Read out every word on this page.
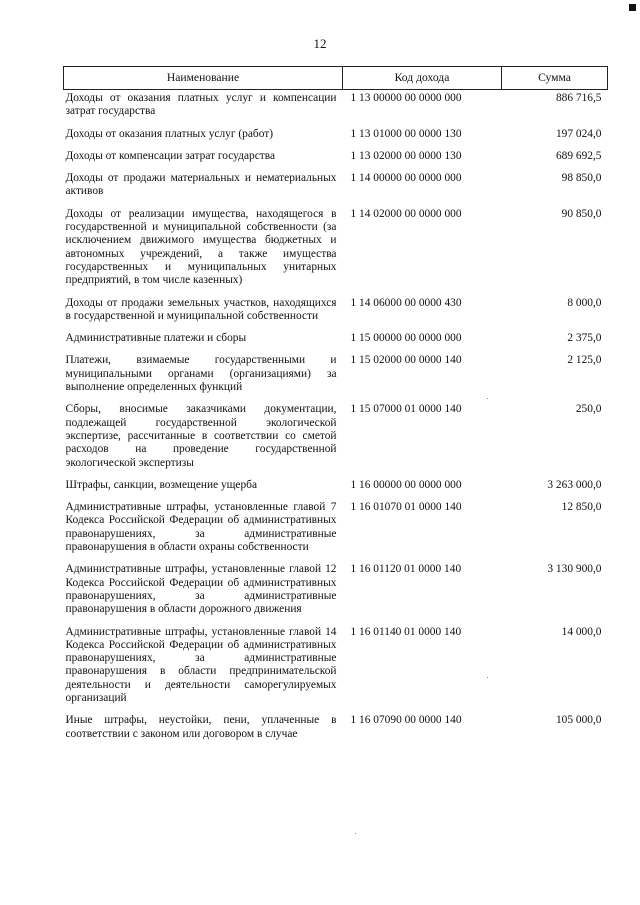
12
Наименование	Код дохода	Сумма
Доходы от оказания платных услуг и компенсации затрат государства	1 13 00000 00 0000 000	886 716,5
Доходы от оказания платных услуг (работ)	1 13 01000 00 0000 130	197 024,0
Доходы от компенсации затрат государства	1 13 02000 00 0000 130	689 692,5
Доходы от продажи материальных и нематериальных активов	1 14 00000 00 0000 000	98 850,0
Доходы от реализации имущества, находящегося в государственной и муниципальной собственности (за исключением движимого имущества бюджетных и автономных учреждений, а также имущества государственных и муниципальных унитарных предприятий, в том числе казенных)	1 14 02000 00 0000 000	90 850,0
Доходы от продажи земельных участков, находящихся в государственной и муниципальной собственности	1 14 06000 00 0000 430	8 000,0
Административные платежи и сборы	1 15 00000 00 0000 000	2 375,0
Платежи, взимаемые государственными и муниципальными органами (организациями) за выполнение определенных функций	1 15 02000 00 0000 140	2 125,0
Сборы, вносимые заказчиками документации, подлежащей государственной экологической экспертизе, рассчитанные в соответствии со сметой расходов на проведение государственной экологической экспертизы	1 15 07000 01 0000 140	250,0
Штрафы, санкции, возмещение ущерба	1 16 00000 00 0000 000	3 263 000,0
Административные штрафы, установленные главой 7 Кодекса Российской Федерации об административных правонарушениях, за административные правонарушения в области охраны собственности	1 16 01070 01 0000 140	12 850,0
Административные штрафы, установленные главой 12 Кодекса Российской Федерации об административных правонарушениях, за административные правонарушения в области дорожного движения	1 16 01120 01 0000 140	3 130 900,0
Административные штрафы, установленные главой 14 Кодекса Российской Федерации об административных правонарушениях, за административные правонарушения в области предпринимательской деятельности и деятельности саморегулируемых организаций	1 16 01140 01 0000 140	14 000,0
Иные штрафы, неустойки, пени, уплаченные в соответствии с законом или договором в случае	1 16 07090 00 0000 140	105 000,0
